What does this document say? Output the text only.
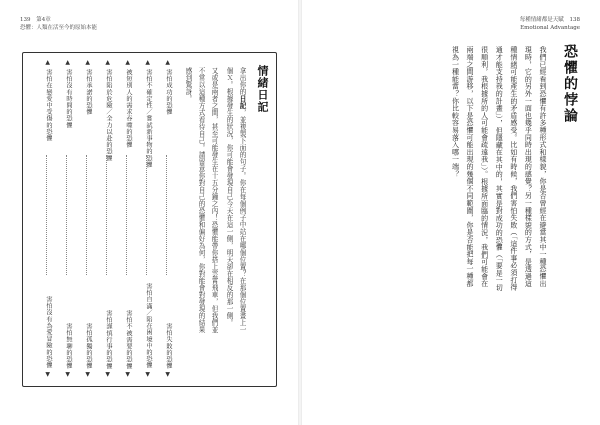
139 第4章
恐懼：人類在活至今的原始本能
情緒日記

拿出你的日記，並複製下面的句子。你在每個例子中站在哪個位置？在那個位置畫上一個Ｘ。根據發生的狀況，你可能會發現自己今天在這一側，明天卻在相反的那一側。

又或是兩者之間，甚至可能發生在十五分鐘之內！恐懼能帶你搭上雲霄飛車，但我們並不常以這種方式看待自己。請留意你對自己的恐懼和偏好為何，你對能會對發現的結果感到驚訝。

▲
害怕成功的恐懼
害怕失敗的恐懼
▼
▲
害怕不確定性／嘗試新事物的恐懼
害怕自滿／陷在困境中的恐懼
▼
▲
被短別人的需求吞噬的恐懼
害怕不被需要的恐懼
▼
▲
害怕陷於危險／全力以赴的恐懼
害怕謹慎行事的恐懼
▼
▲
害怕承諾的恐懼
害怕孤獨的恐懼
▼
▲
害怕沒有時間的恐懼
害怕無聊的恐懼
▼
▲
害怕在戀愛中受傷的恐懼
害怕沒有為愛冒險的恐懼
▼
每種情緒都是天賦 138
Emotional Advantage
恐懼的悖論
我們已經看到恐懼有許多種形式和樣貌，你是否曾經在避當其中一種恐懼出現時，它的另外一面也幾乎同時出現的感覺？另一種樣貌的方式，是透過這種情緒可能產生的矛盾感受。比如有時候，我們害怕失敗（「這件事必須打得通才能支持我的計畫」），但隱藏在其中的，其實是對成功的恐懼（「要是一切很順利，我根據所的人可能會疏遠我」）。根據所面臨的情況，我們可能會在兩端之間游移，以下是恐懼可能出現的幾個不同範圍，你是否能把每一種都視為一種能當？你比較容易落入哪一端？
